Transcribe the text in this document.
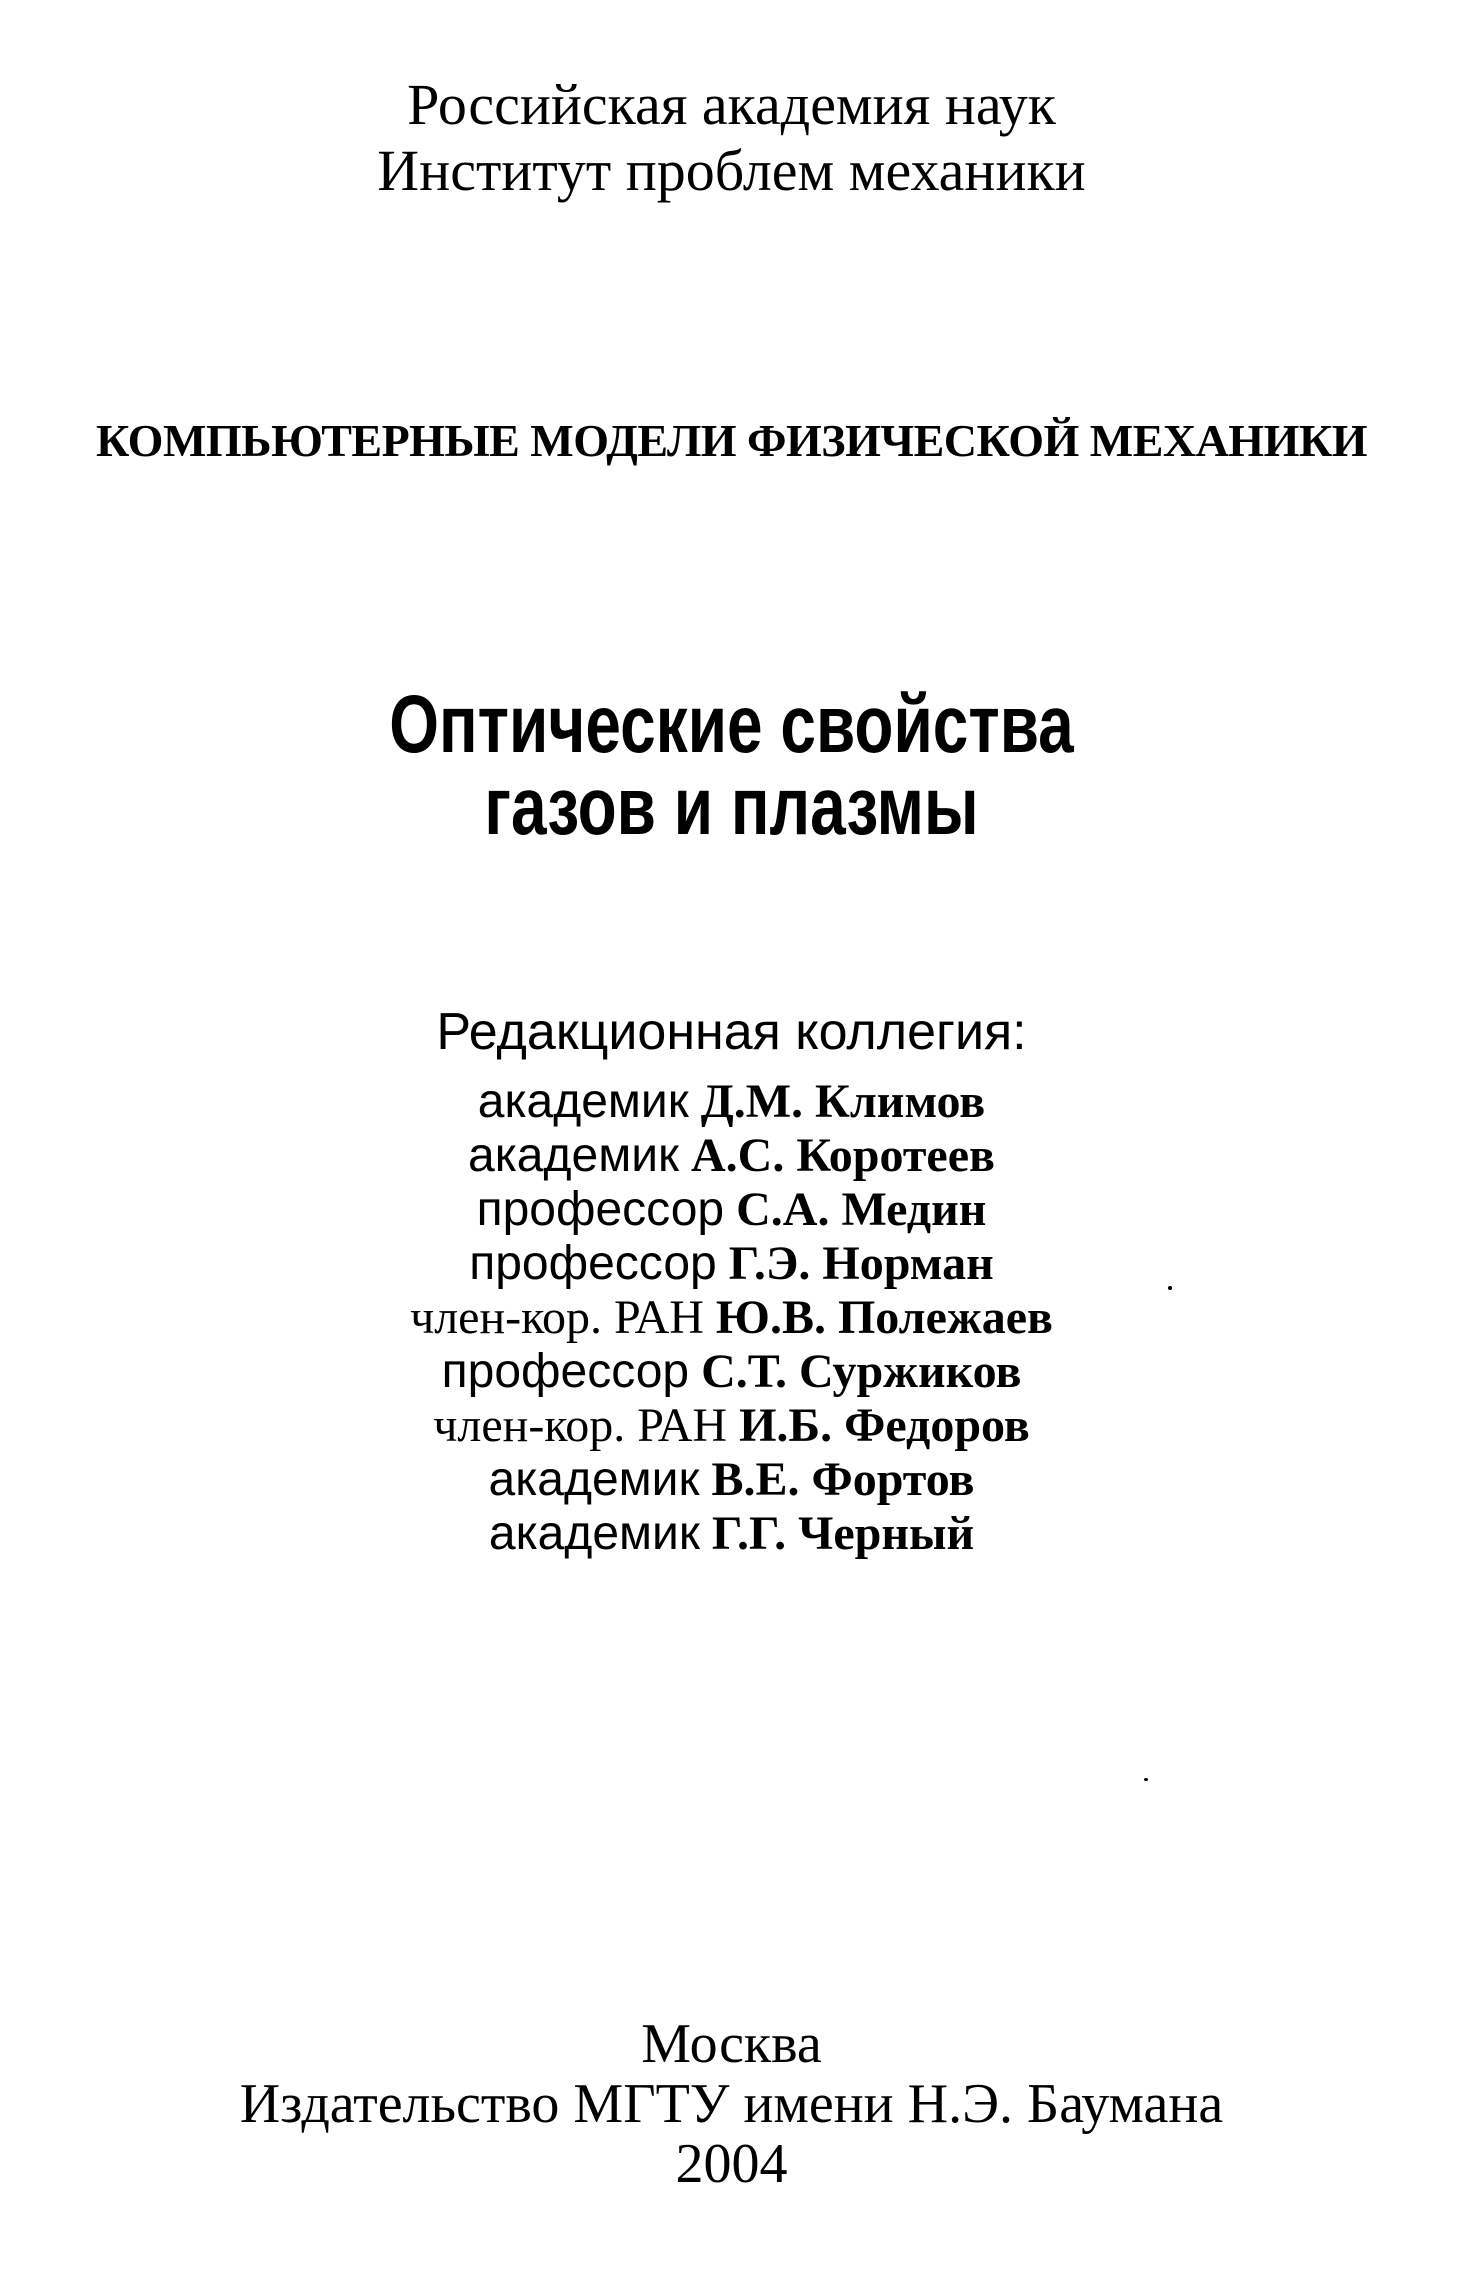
Российская академия наук
Институт проблем механики
КОМПЬЮТЕРНЫЕ МОДЕЛИ ФИЗИЧЕСКОЙ МЕХАНИКИ
Оптические свойства
газов и плазмы
Редакционная коллегия:
академик Д.М. Климов
академик А.С. Коротеев
профессор С.А. Медин
профессор Г.Э. Норман
член-кор. РАН Ю.В. Полежаев
профессор С.Т. Суржиков
член-кор. РАН И.Б. Федоров
академик В.Е. Фортов
академик Г.Г. Черный
Москва
Издательство МГТУ имени Н.Э. Баумана
2004
